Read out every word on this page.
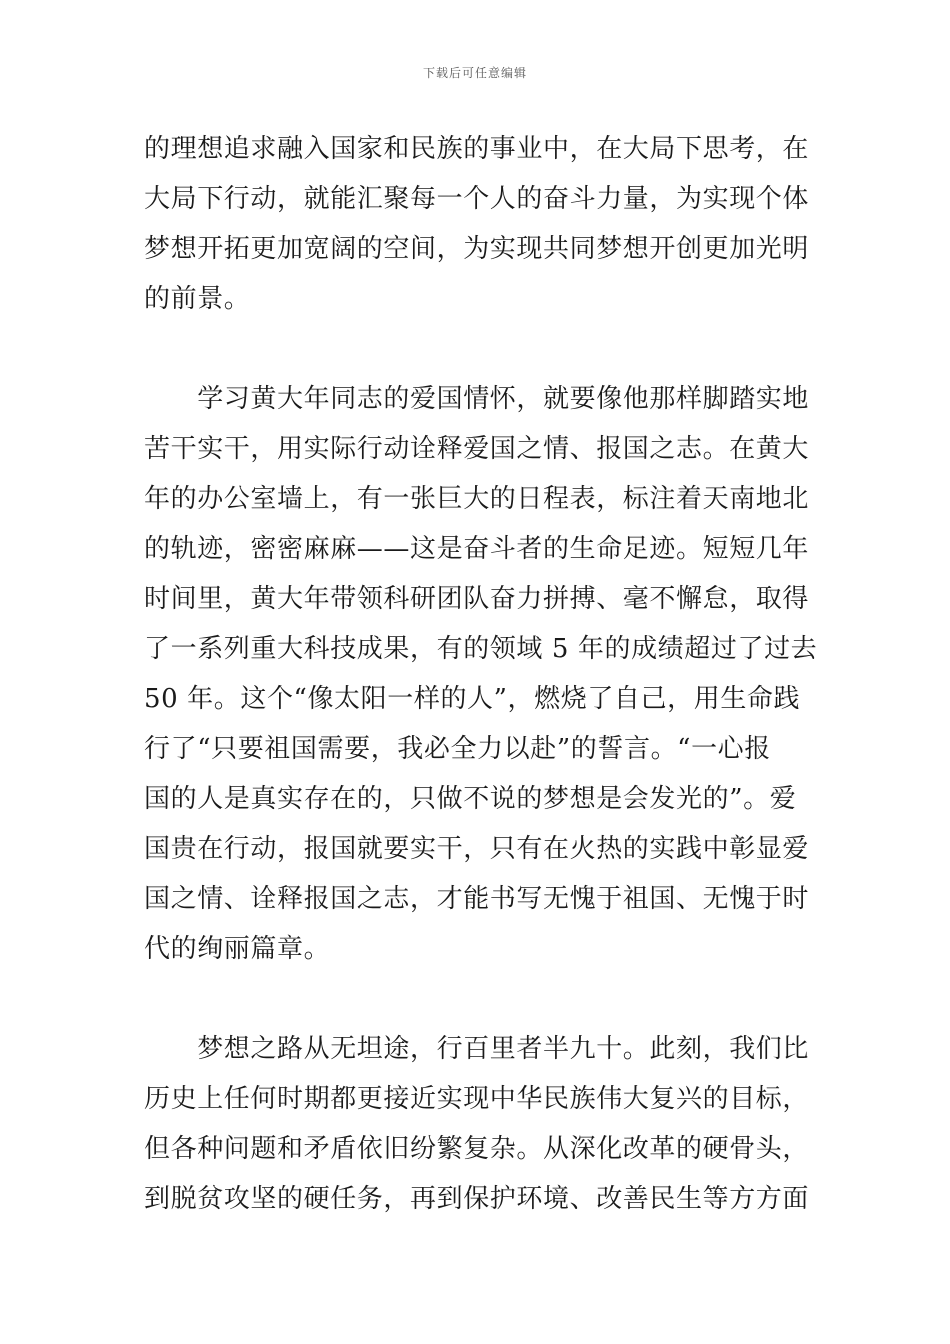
下载后可任意编辑
的理想追求融入国家和民族的事业中，在大局下思考，在
大局下行动，就能汇聚每一个人的奋斗力量，为实现个体
梦想开拓更加宽阔的空间，为实现共同梦想开创更加光明
的前景。
　　学习黄大年同志的爱国情怀，就要像他那样脚踏实地
苦干实干，用实际行动诠释爱国之情、报国之志。在黄大
年的办公室墙上，有一张巨大的日程表，标注着天南地北
的轨迹，密密麻麻——这是奋斗者的生命足迹。短短几年
时间里，黄大年带领科研团队奋力拼搏、毫不懈怠，取得
了一系列重大科技成果，有的领域 5 年的成绩超过了过去
50 年。这个“像太阳一样的人”，燃烧了自己，用生命践
行了“只要祖国需要，我必全力以赴”的誓言。“一心报
国的人是真实存在的，只做不说的梦想是会发光的”。爱
国贵在行动，报国就要实干，只有在火热的实践中彰显爱
国之情、诠释报国之志，才能书写无愧于祖国、无愧于时
代的绚丽篇章。
　　梦想之路从无坦途，行百里者半九十。此刻，我们比
历史上任何时期都更接近实现中华民族伟大复兴的目标，
但各种问题和矛盾依旧纷繁复杂。从深化改革的硬骨头，
到脱贫攻坚的硬任务，再到保护环境、改善民生等方方面
